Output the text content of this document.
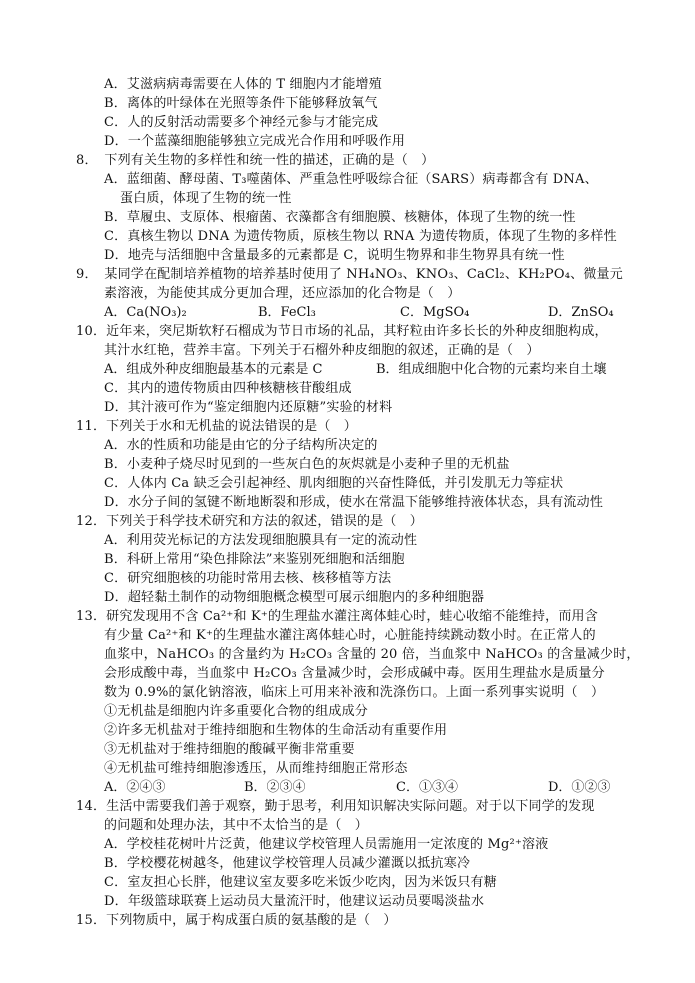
A．艾滋病病毒需要在人体的 T 细胞内才能增殖
B．离体的叶绿体在光照等条件下能够释放氧气
C．人的反射活动需要多个神经元参与才能完成
D．一个蓝藻细胞能够独立完成光合作用和呼吸作用
8．　下列有关生物的多样性和统一性的描述，正确的是（　）
A．蓝细菌、酵母菌、T₃噬菌体、严重急性呼吸综合征（SARS）病毒都含有 DNA、
蛋白质，体现了生物的统一性
B．草履虫、支原体、根瘤菌、衣藻都含有细胞膜、核糖体，体现了生物的统一性
C．真核生物以 DNA 为遗传物质，原核生物以 RNA 为遗传物质，体现了生物的多样性
D．地壳与活细胞中含量最多的元素都是 C，说明生物界和非生物界具有统一性
9．　某同学在配制培养植物的培养基时使用了 NH₄NO₃、KNO₃、CaCl₂、KH₂PO₄、微量元
素溶液，为能使其成分更加合理，还应添加的化合物是（　）
A．Ca(NO₃)₂	B．FeCl₃	C．MgSO₄	D．ZnSO₄
10．近年来，突尼斯软籽石榴成为节日市场的礼品，其籽粒由许多长长的外种皮细胞构成，
其汁水红艳，营养丰富。下列关于石榴外种皮细胞的叙述，正确的是（　）
A．组成外种皮细胞最基本的元素是 C	B．组成细胞中化合物的元素均来自土壤
C．其内的遗传物质由四种核糖核苷酸组成
D．其汁液可作为“鉴定细胞内还原糖”实验的材料
11．下列关于水和无机盐的说法错误的是（　）
A．水的性质和功能是由它的分子结构所决定的
B．小麦种子烧尽时见到的一些灰白色的灰烬就是小麦种子里的无机盐
C．人体内 Ca 缺乏会引起神经、肌肉细胞的兴奋性降低，并引发肌无力等症状
D．水分子间的氢键不断地断裂和形成，使水在常温下能够维持液体状态，具有流动性
12．下列关于科学技术研究和方法的叙述，错误的是（　）
A．利用荧光标记的方法发现细胞膜具有一定的流动性
B．科研上常用“染色排除法”来鉴别死细胞和活细胞
C．研究细胞核的功能时常用去核、核移植等方法
D．超轻黏土制作的动物细胞概念模型可展示细胞内的多种细胞器
13．研究发现用不含 Ca²⁺和 K⁺的生理盐水灌注离体蛙心时，蛙心收缩不能维持，而用含
有少量 Ca²⁺和 K⁺的生理盐水灌注离体蛙心时，心脏能持续跳动数小时。在正常人的
血浆中，NaHCO₃ 的含量约为 H₂CO₃ 含量的 20 倍，当血浆中 NaHCO₃ 的含量减少时，
会形成酸中毒，当血浆中 H₂CO₃ 含量减少时，会形成碱中毒。医用生理盐水是质量分
数为 0.9%的氯化钠溶液，临床上可用来补液和洗涤伤口。上面一系列事实说明（　）
①无机盐是细胞内许多重要化合物的组成成分
②许多无机盐对于维持细胞和生物体的生命活动有重要作用
③无机盐对于维持细胞的酸碱平衡非常重要
④无机盐可维持细胞渗透压，从而维持细胞正常形态
A．②④③	B．②③④	C．①③④	D．①②③
14．生活中需要我们善于观察，勤于思考，利用知识解决实际问题。对于以下同学的发现
的问题和处理办法，其中不太恰当的是（　）
A．学校桂花树叶片泛黄，他建议学校管理人员需施用一定浓度的 Mg²⁺溶液
B．学校樱花树越冬，他建议学校管理人员减少灌溉以抵抗寒冷
C．室友担心长胖，他建议室友要多吃米饭少吃肉，因为米饭只有糖
D．年级篮球联赛上运动员大量流汗时，他建议运动员要喝淡盐水
15．下列物质中，属于构成蛋白质的氨基酸的是（　）
